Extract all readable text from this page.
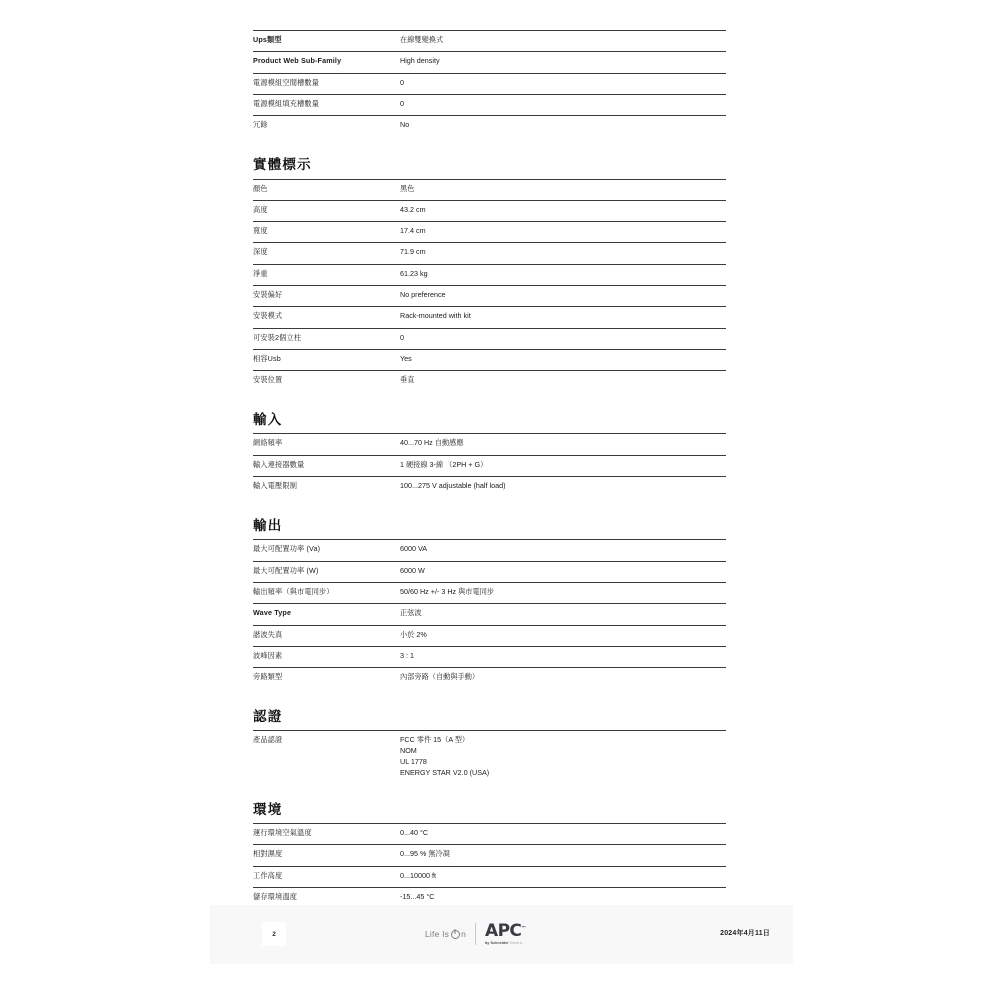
Ups類型	在線雙變換式
Product Web Sub-Family	High density
電源模組空閒槽數量	0
電源模組填充槽數量	0
冗餘	No
實體標示
顏色	黑色
高度	43.2 cm
寬度	17.4 cm
深度	71.9 cm
淨重	61.23 kg
安裝偏好	No preference
安裝模式	Rack-mounted with kit
可安裝2個立柱	0
相容Usb	Yes
安裝位置	垂直
輸入
網絡頻率	40...70 Hz 自動感應
輸入連接器數量	1 硬接線 3-線 （2PH + G）
輸入電壓限制	100...275 V adjustable (half load)
輸出
最大可配置功率 (Va)	6000 VA
最大可配置功率 (W)	6000 W
輸出頻率（與市電同步）	50/60 Hz +/- 3 Hz 與市電同步
Wave Type	正弦波
諧波失真	小於 2%
波峰因素	3 : 1
旁路類型	內部旁路（自動與手動）
認證
產品認證	FCC 零件 15（A 型）
NOM
UL 1778
ENERGY STAR V2.0 (USA)
環境
運行環境空氣溫度	0...40 °C
相對濕度	0...95 % 無冷凝
工作高度	0...10000 ft
儲存環境溫度	-15...45 °C
2	Life Is n APC™
by Schneider Electric
2024年4月11日
